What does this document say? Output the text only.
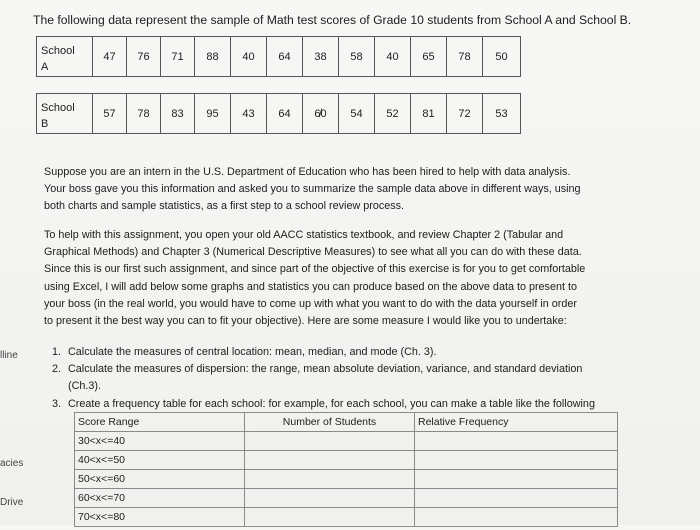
lline
acies
Drive
The following data represent the sample of Math test scores of Grade 10 students from School A and School B.
School
A	47	76	71	88	40	64	38	58	40	65	78	50

School
B	57	78	83	95	43	64	6̸0	54	52	81	72	53

Suppose you are an intern in the U.S. Department of Education who has been hired to help with data analysis.

Your boss gave you this information and asked you to summarize the sample data above in different ways, using

both charts and sample statistics, as a first step to a school review process.

To help with this assignment, you open your old AACC statistics textbook, and review Chapter 2 (Tabular and

Graphical Methods) and Chapter 3 (Numerical Descriptive Measures) to see what all you can do with these data.

Since this is our first such assignment, and since part of the objective of this exercise is for you to get comfortable

using Excel, I will add below some graphs and statistics you can produce based on the above data to present to

your boss (in the real world, you would have to come up with what you want to do with the data yourself in order

to present it the best way you can to fit your objective). Here are some measure I would like you to undertake:

1. Calculate the measures of central location: mean, median, and mode (Ch. 3).
2. Calculate the measures of dispersion: the range, mean absolute deviation, variance, and standard deviation
(Ch.3).
3. Create a frequency table for each school: for example, for each school, you can make a table like the following
Score Range	Number of Students	Relative Frequency
30<x<=40		
40<x<=50		
50<x<=60		
60<x<=70		
70<x<=80		
